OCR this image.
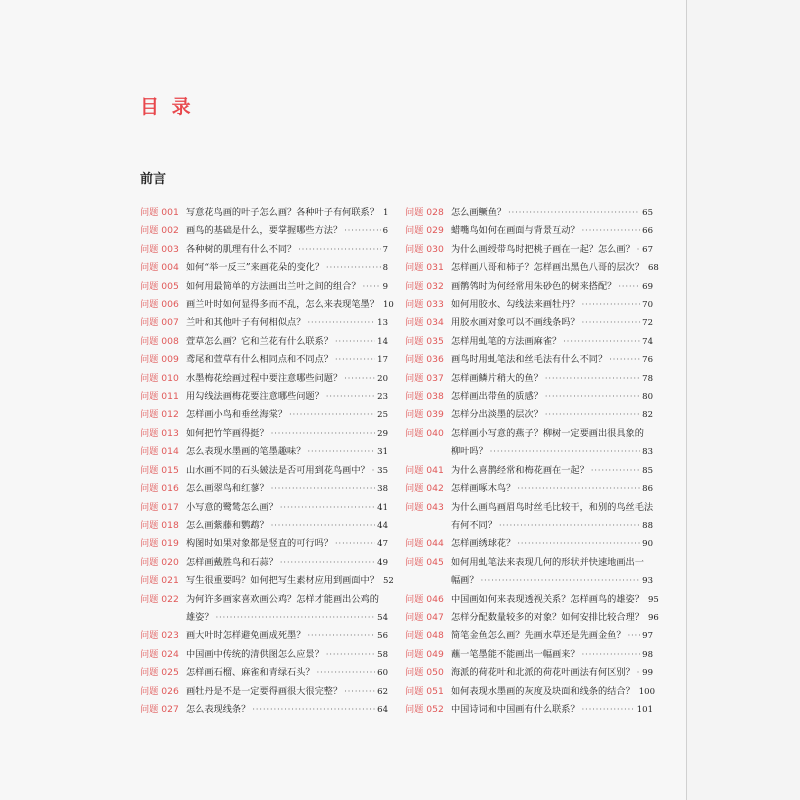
目 录
前言
问题 001 写意花鸟画的叶子怎么画？各种叶子有何联系？ 1
问题 002 画鸟的基础是什么，要掌握哪些方法？ ·····	6
问题 003 各种树的肌理有什么不同？ ·····	7
问题 004 如何“举一反三”来画花朵的变化？ ·····	8
问题 005 如何用最简单的方法画出兰叶之间的组合？ ·····	9
问题 006 画兰叶时如何显得多而不乱，怎么来表现笔墨？ 10
问题 007 兰叶和其他叶子有何相似点？ ·····	13
问题 008 萱草怎么画？它和兰花有什么联系？ ·····	14
问题 009 鸢尾和萱草有什么相同点和不同点？ ·····	17
问题 010 水墨梅花绘画过程中要注意哪些问题？ ·····	20
问题 011 用勾线法画梅花要注意哪些问题？ ·····	23
问题 012 怎样画小鸟和垂丝海棠？ ·····	25
问题 013 如何把竹竿画得挺？ ·····	29
问题 014 怎么表现水墨画的笔墨趣味？ ·····	31
问题 015 山水画不同的石头皴法是否可用到花鸟画中？ ····· 35
问题 016 怎么画翠鸟和红蓼？ ·····	38
问题 017 小写意的鹭鸶怎么画？ ·····	41
问题 018 怎么画紫藤和鹦鹉？ ·····	44
问题 019 构图时如果对象都是竖直的可行吗？ ·····	47
问题 020 怎样画戴胜鸟和石蒜？ ·····	49
问题 021 写生很重要吗？如何把写生素材应用到画面中？ 52
问题 022 为何许多画家喜欢画公鸡？怎样才能画出公鸡的
雄姿？ ·····	54
问题 023 画大叶时怎样避免画成死墨？ ·····	56
问题 024 中国画中传统的清供图怎么应景？ ·····	58
问题 025 怎样画石榴、麻雀和青绿石头？ ·····	60
问题 026 画牡丹是不是一定要得画很大很完整？ ·····	62
问题 027 怎么表现线条？ ·····	64
问题 028 怎么画鳜鱼？ ·····	65
问题 029 蜡嘴鸟如何在画面与背景互动？ ·····	66
问题 030 为什么画绶带鸟时把桃子画在一起？怎么画？ ····· 67
问题 031 怎样画八哥和柿子？怎样画出黑色八哥的层次？ 68
问题 032 画鹡鸰时为何经常用朱砂色的树来搭配？ ·····	69
问题 033 如何用胶水、勾线法来画牡丹？ ·····	70
问题 034 用胶水画对象可以不画线条吗？ ·····	72
问题 035 怎样用虬笔的方法画麻雀？ ·····	74
问题 036 画鸟时用虬笔法和丝毛法有什么不同？ ·····	76
问题 037 怎样画鳞片稍大的鱼？ ·····	78
问题 038 怎样画出带鱼的质感？ ·····	80
问题 039 怎样分出淡墨的层次？ ·····	82
问题 040 怎样画小写意的燕子？柳树一定要画出很具象的
柳叶吗？ ·····	83
问题 041 为什么喜鹊经常和梅花画在一起？ ·····	85
问题 042 怎样画啄木鸟？ ·····	86
问题 043 为什么画鸟画眉鸟时丝毛比较干，和别的鸟丝毛法
有何不同？ ·····	88
问题 044 怎样画绣球花？ ·····	90
问题 045 如何用虬笔法来表现几何的形状并快速地画出一
幅画？ ·····	93
问题 046 中国画如何来表现透视关系？怎样画鸟的雄姿？ 95
问题 047 怎样分配数量较多的对象？如何安排比较合理？ 96
问题 048 简笔金鱼怎么画？先画水草还是先画金鱼？ ····· 97
问题 049 蘸一笔墨能不能画出一幅画来？ ·····	98
问题 050 海派的荷花叶和北派的荷花叶画法有何区别？ ····· 99
问题 051 如何表现水墨画的灰度及块面和线条的结合？ 100
问题 052 中国诗词和中国画有什么联系？ ·····	101
